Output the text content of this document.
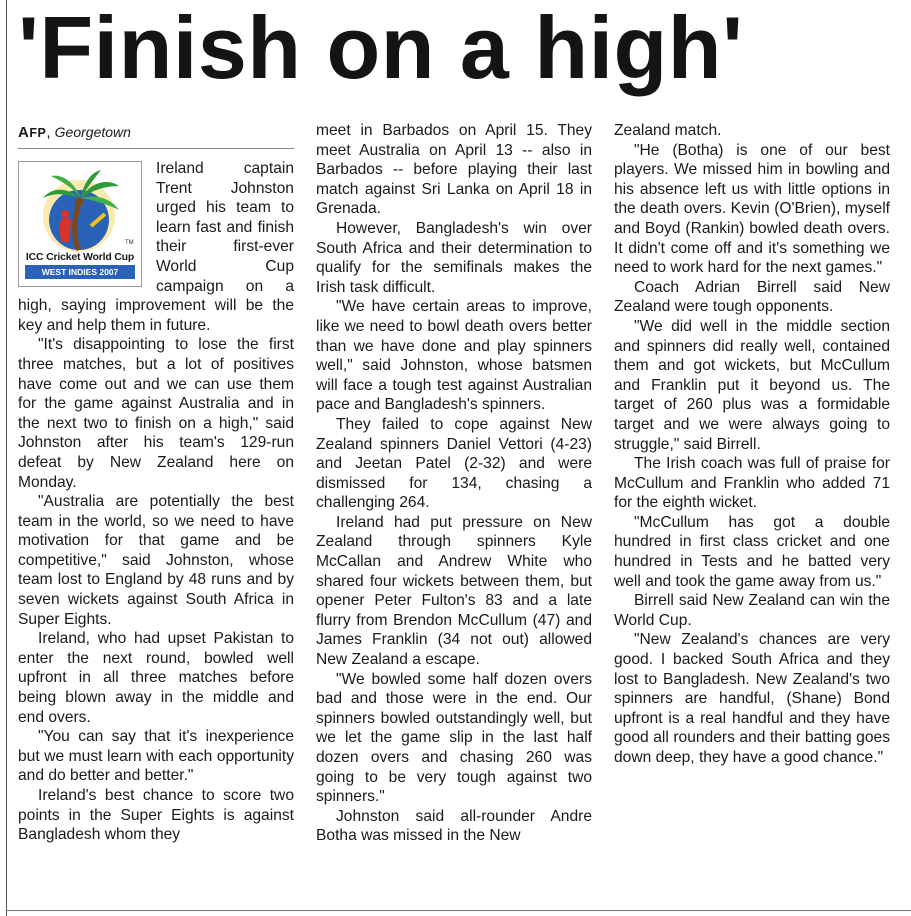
'Finish on a high'
AFP, Georgetown
TM
ICC Cricket World Cup
WEST INDIES 2007

Ireland captain Trent Johnston urged his team to learn fast and finish their first-ever World Cup campaign on a high, saying improvement will be the key and help them in future.

"It's disappointing to lose the first three matches, but a lot of positives have come out and we can use them for the game against Australia and in the next two to finish on a high," said Johnston after his team's 129-run defeat by New Zealand here on Monday.

"Australia are potentially the best team in the world, so we need to have motivation for that game and be competitive," said Johnston, whose team lost to England by 48 runs and by seven wickets against South Africa in Super Eights.

Ireland, who had upset Pakistan to enter the next round, bowled well upfront in all three matches before being blown away in the middle and end overs.

"You can say that it's inexperience but we must learn with each opportunity and do better and better."

Ireland's best chance to score two points in the Super Eights is against Bangladesh whom they

meet in Barbados on April 15. They meet Australia on April 13 -- also in Barbados -- before playing their last match against Sri Lanka on April 18 in Grenada.

However, Bangladesh's win over South Africa and their determination to qualify for the semifinals makes the Irish task difficult.

"We have certain areas to improve, like we need to bowl death overs better than we have done and play spinners well," said Johnston, whose batsmen will face a tough test against Australian pace and Bangladesh's spinners.

They failed to cope against New Zealand spinners Daniel Vettori (4-23) and Jeetan Patel (2-32) and were dismissed for 134, chasing a challenging 264.

Ireland had put pressure on New Zealand through spinners Kyle McCallan and Andrew White who shared four wickets between them, but opener Peter Fulton's 83 and a late flurry from Brendon McCullum (47) and James Franklin (34 not out) allowed New Zealand a escape.

"We bowled some half dozen overs bad and those were in the end. Our spinners bowled outstandingly well, but we let the game slip in the last half dozen overs and chasing 260 was going to be very tough against two spinners."

Johnston said all-rounder Andre Botha was missed in the New

Zealand match.

"He (Botha) is one of our best players. We missed him in bowling and his absence left us with little options in the death overs. Kevin (O'Brien), myself and Boyd (Rankin) bowled death overs. It didn't come off and it's something we need to work hard for the next games."

Coach Adrian Birrell said New Zealand were tough opponents.

"We did well in the middle section and spinners did really well, contained them and got wickets, but McCullum and Franklin put it beyond us. The target of 260 plus was a formidable target and we were always going to struggle," said Birrell.

The Irish coach was full of praise for McCullum and Franklin who added 71 for the eighth wicket.

"McCullum has got a double hundred in first class cricket and one hundred in Tests and he batted very well and took the game away from us."

Birrell said New Zealand can win the World Cup.

"New Zealand's chances are very good. I backed South Africa and they lost to Bangladesh. New Zealand's two spinners are handful, (Shane) Bond upfront is a real handful and they have good all rounders and their batting goes down deep, they have a good chance."
